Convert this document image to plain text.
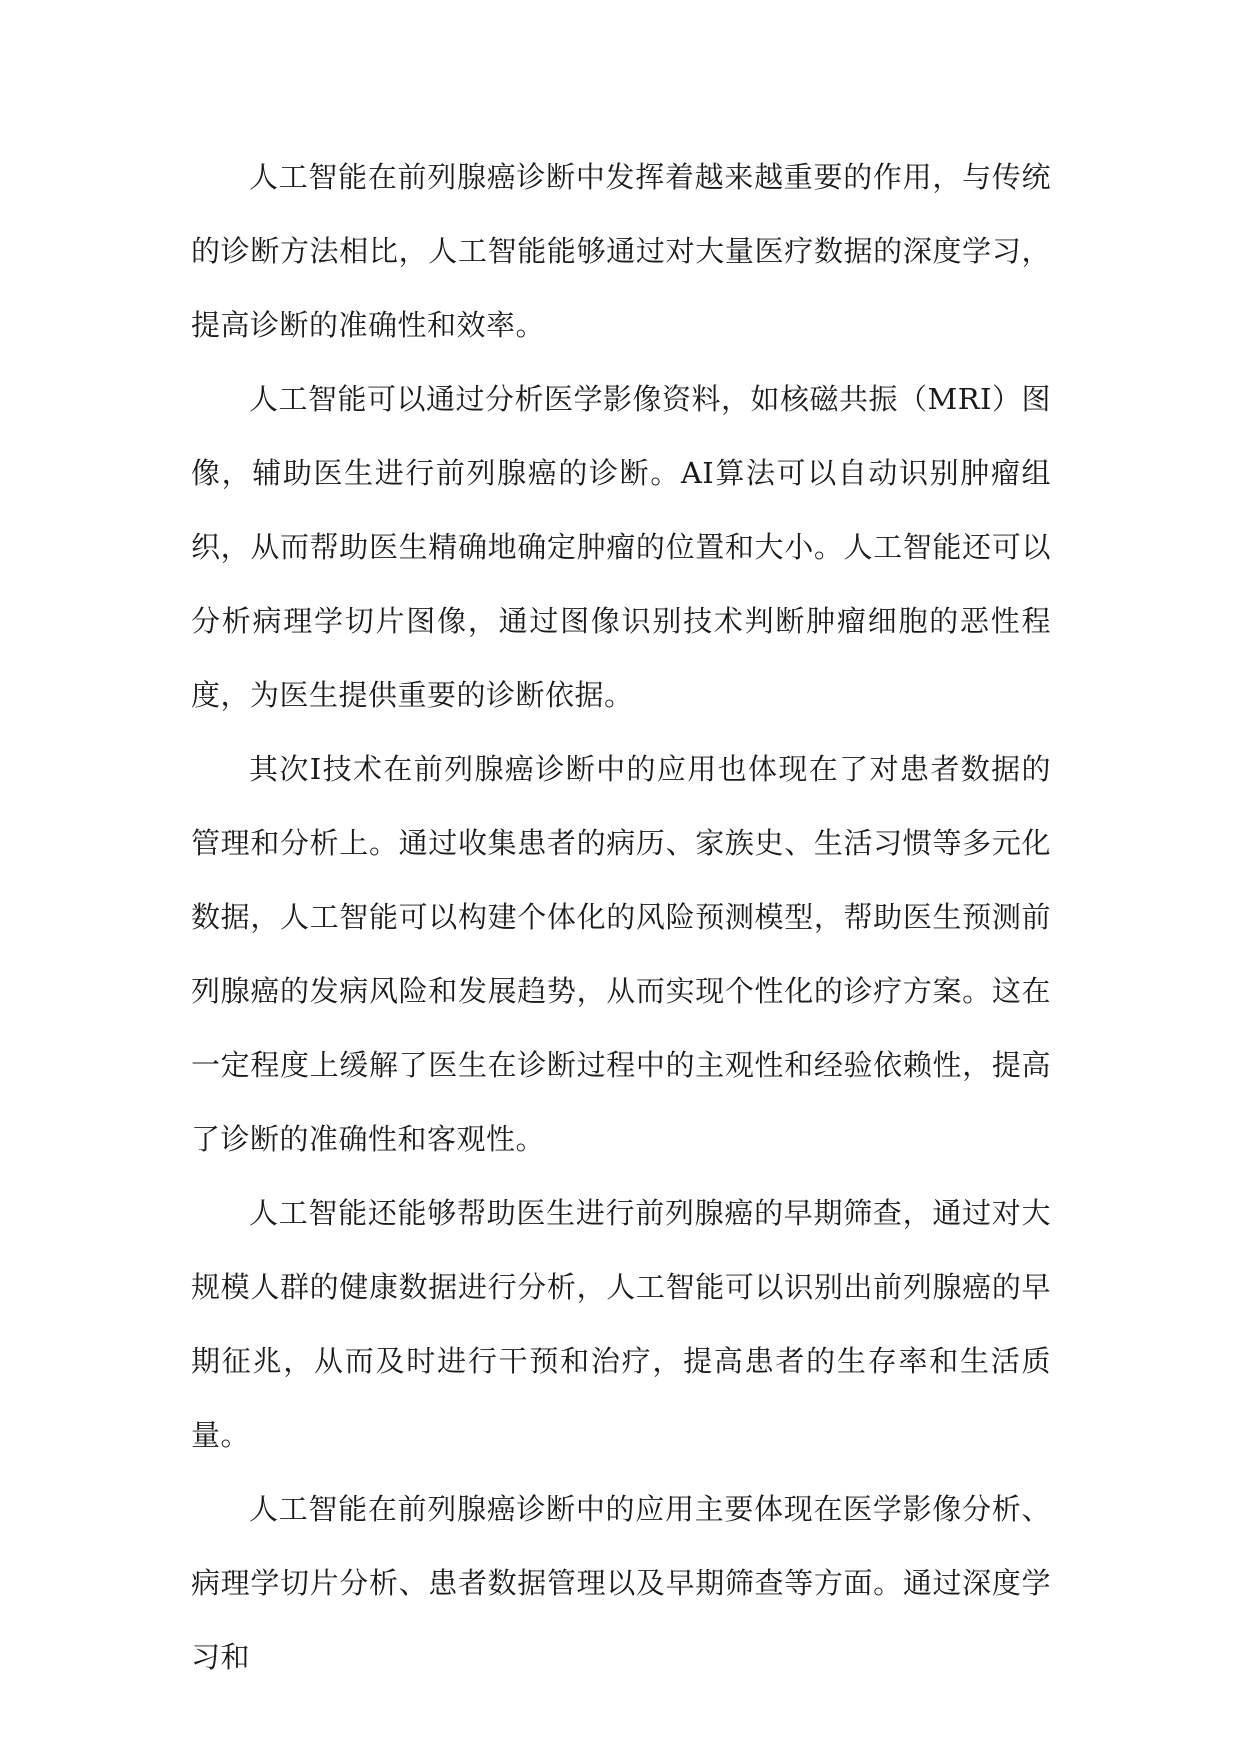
人工智能在前列腺癌诊断中发挥着越来越重要的作用，与传统的诊断方法相比，人工智能能够通过对大量医疗数据的深度学习，提高诊断的准确性和效率。

人工智能可以通过分析医学影像资料，如核磁共振（MRI）图像，辅助医生进行前列腺癌的诊断。AI算法可以自动识别肿瘤组织，从而帮助医生精确地确定肿瘤的位置和大小。人工智能还可以分析病理学切片图像，通过图像识别技术判断肿瘤细胞的恶性程度，为医生提供重要的诊断依据。

其次I技术在前列腺癌诊断中的应用也体现在了对患者数据的管理和分析上。通过收集患者的病历、家族史、生活习惯等多元化数据，人工智能可以构建个体化的风险预测模型，帮助医生预测前列腺癌的发病风险和发展趋势，从而实现个性化的诊疗方案。这在一定程度上缓解了医生在诊断过程中的主观性和经验依赖性，提高了诊断的准确性和客观性。

人工智能还能够帮助医生进行前列腺癌的早期筛查，通过对大规模人群的健康数据进行分析，人工智能可以识别出前列腺癌的早期征兆，从而及时进行干预和治疗，提高患者的生存率和生活质量。

人工智能在前列腺癌诊断中的应用主要体现在医学影像分析、病理学切片分析、患者数据管理以及早期筛查等方面。通过深度学习和
